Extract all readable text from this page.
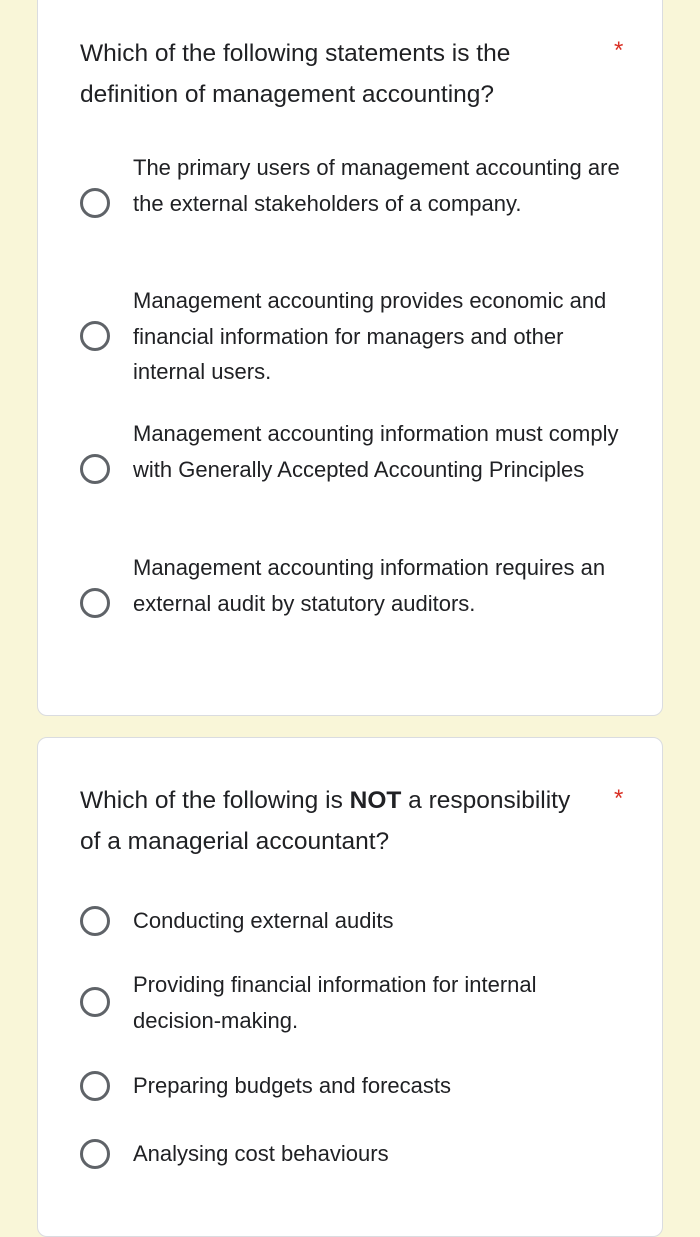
Which of the following statements is the definition of management accounting?
*
The primary users of management accounting are the external stakeholders of a company.
Management accounting provides economic and financial information for managers and other internal users.
Management accounting information must comply with Generally Accepted Accounting Principles
Management accounting information requires an external audit by statutory auditors.
Which of the following is NOT a responsibility of a managerial accountant?
*
Conducting external audits
Providing financial information for internal decision-making.
Preparing budgets and forecasts
Analysing cost behaviours
